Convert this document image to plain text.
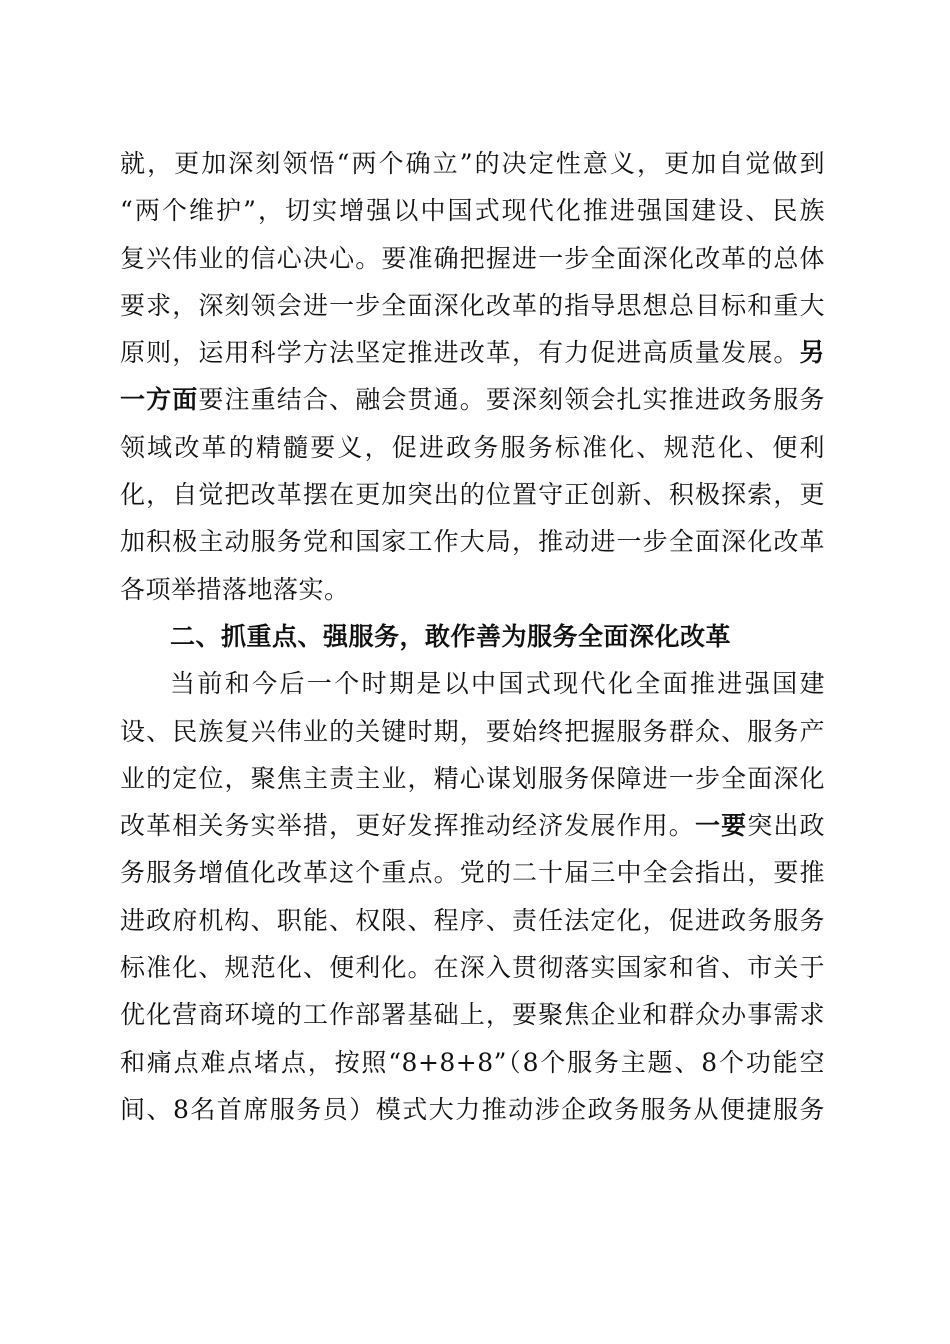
就，更加深刻领悟“两个确立”的决定性意义，更加自觉做到
“两个维护”，切实增强以中国式现代化推进强国建设、民族
复兴伟业的信心决心。要准确把握进一步全面深化改革的总体
要求，深刻领会进一步全面深化改革的指导思想总目标和重大
原则，运用科学方法坚定推进改革，有力促进高质量发展。另
一方面要注重结合、融会贯通。要深刻领会扎实推进政务服务
领域改革的精髓要义，促进政务服务标准化、规范化、便利
化，自觉把改革摆在更加突出的位置守正创新、积极探索，更
加积极主动服务党和国家工作大局，推动进一步全面深化改革
各项举措落地落实。
二、抓重点、强服务，敢作善为服务全面深化改革
当前和今后一个时期是以中国式现代化全面推进强国建
设、民族复兴伟业的关键时期，要始终把握服务群众、服务产
业的定位，聚焦主责主业，精心谋划服务保障进一步全面深化
改革相关务实举措，更好发挥推动经济发展作用。一要突出政
务服务增值化改革这个重点。党的二十届三中全会指出，要推
进政府机构、职能、权限、程序、责任法定化，促进政务服务
标准化、规范化、便利化。在深入贯彻落实国家和省、市关于
优化营商环境的工作部署基础上，要聚焦企业和群众办事需求
和痛点难点堵点，按照“8+8+8”（8个服务主题、8个功能空
间、8名首席服务员）模式大力推动涉企政务服务从便捷服务
